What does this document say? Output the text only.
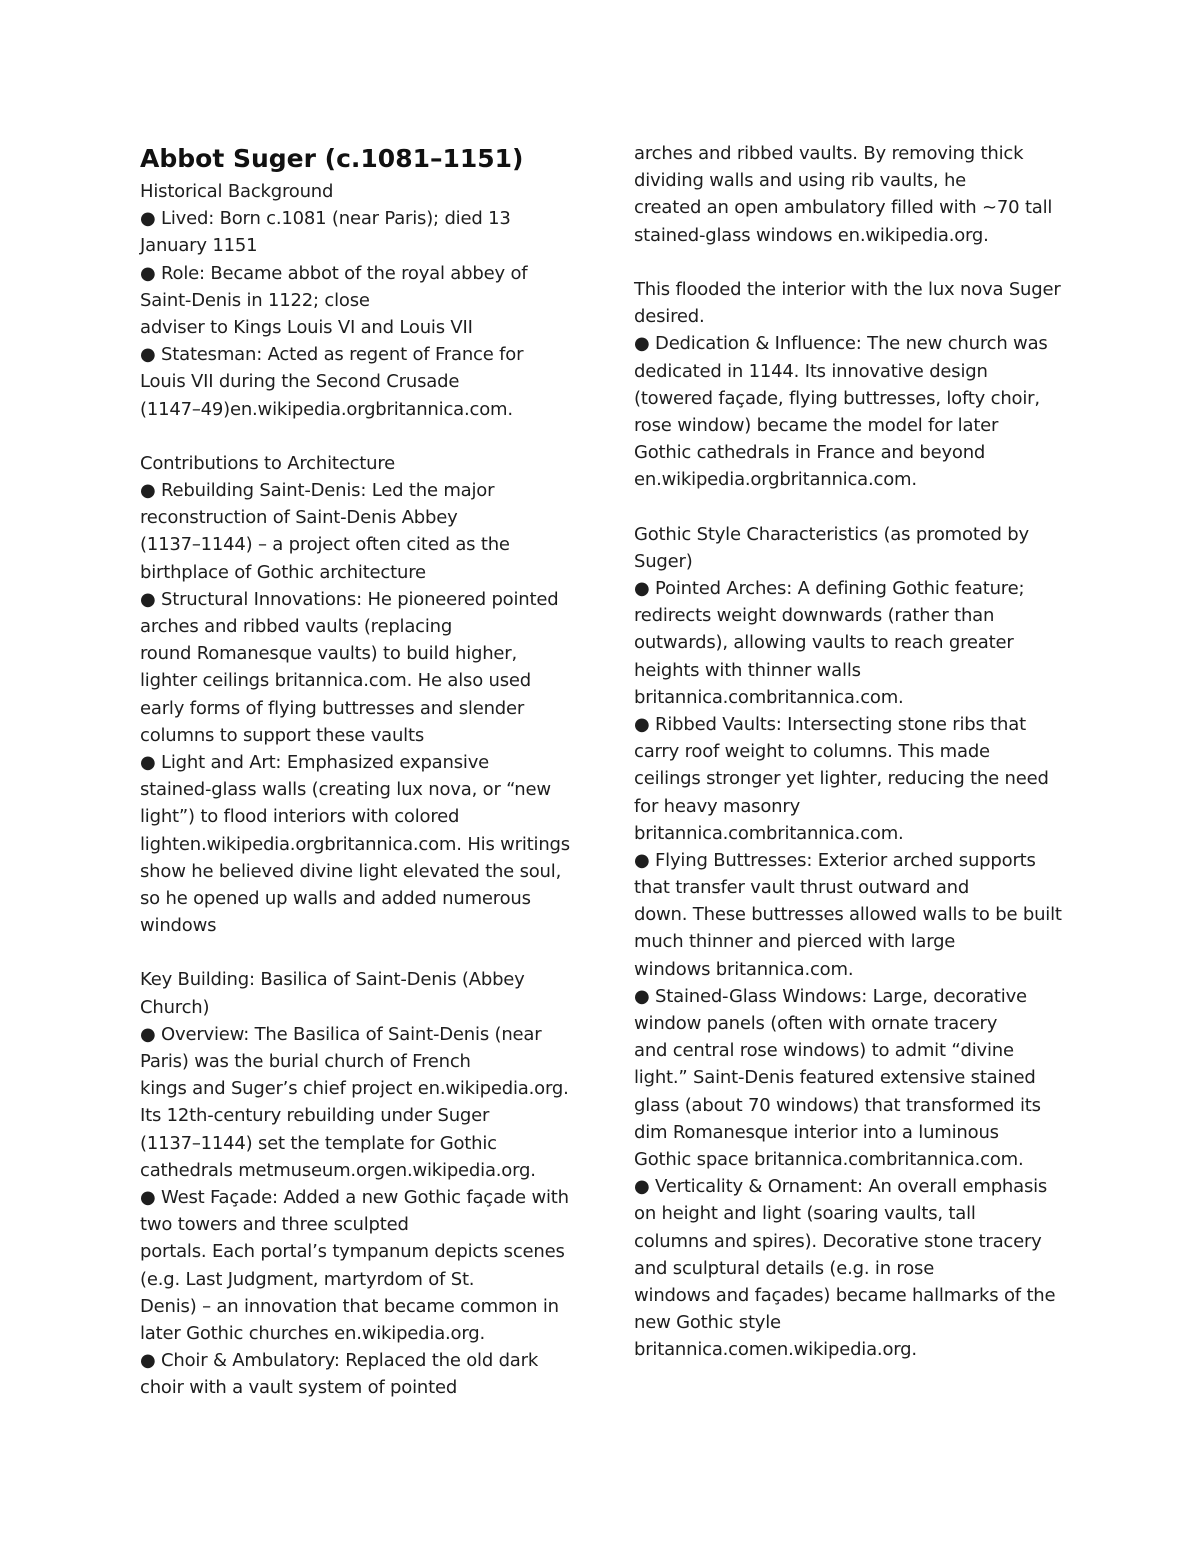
Abbot Suger (c.1081–1151)
Historical Background
● Lived: Born c.1081 (near Paris); died 13
January 1151
● Role: Became abbot of the royal abbey of
Saint-Denis in 1122; close
adviser to Kings Louis VI and Louis VII
● Statesman: Acted as regent of France for
Louis VII during the Second Crusade
(1147–49)en.wikipedia.orgbritannica.com.
Contributions to Architecture
● Rebuilding Saint-Denis: Led the major
reconstruction of Saint-Denis Abbey
(1137–1144) – a project often cited as the
birthplace of Gothic architecture
● Structural Innovations: He pioneered pointed
arches and ribbed vaults (replacing
round Romanesque vaults) to build higher,
lighter ceilings britannica.com. He also used
early forms of flying buttresses and slender
columns to support these vaults
● Light and Art: Emphasized expansive
stained-glass walls (creating lux nova, or “new
light”) to flood interiors with colored
lighten.wikipedia.orgbritannica.com. His writings
show he believed divine light elevated the soul,
so he opened up walls and added numerous
windows
Key Building: Basilica of Saint-Denis (Abbey
Church)
● Overview: The Basilica of Saint-Denis (near
Paris) was the burial church of French
kings and Suger’s chief project en.wikipedia.org.
Its 12th-century rebuilding under Suger
(1137–1144) set the template for Gothic
cathedrals metmuseum.orgen.wikipedia.org.
● West Façade: Added a new Gothic façade with
two towers and three sculpted
portals. Each portal’s tympanum depicts scenes
(e.g. Last Judgment, martyrdom of St.
Denis) – an innovation that became common in
later Gothic churches en.wikipedia.org.
● Choir & Ambulatory: Replaced the old dark
choir with a vault system of pointed
arches and ribbed vaults. By removing thick
dividing walls and using rib vaults, he
created an open ambulatory filled with ~70 tall
stained-glass windows en.wikipedia.org.
This flooded the interior with the lux nova Suger
desired.
● Dedication & Influence: The new church was
dedicated in 1144. Its innovative design
(towered façade, flying buttresses, lofty choir,
rose window) became the model for later
Gothic cathedrals in France and beyond
en.wikipedia.orgbritannica.com.
Gothic Style Characteristics (as promoted by
Suger)
● Pointed Arches: A defining Gothic feature;
redirects weight downwards (rather than
outwards), allowing vaults to reach greater
heights with thinner walls
britannica.combritannica.com.
● Ribbed Vaults: Intersecting stone ribs that
carry roof weight to columns. This made
ceilings stronger yet lighter, reducing the need
for heavy masonry
britannica.combritannica.com.
● Flying Buttresses: Exterior arched supports
that transfer vault thrust outward and
down. These buttresses allowed walls to be built
much thinner and pierced with large
windows britannica.com.
● Stained-Glass Windows: Large, decorative
window panels (often with ornate tracery
and central rose windows) to admit “divine
light.” Saint-Denis featured extensive stained
glass (about 70 windows) that transformed its
dim Romanesque interior into a luminous
Gothic space britannica.combritannica.com.
● Verticality & Ornament: An overall emphasis
on height and light (soaring vaults, tall
columns and spires). Decorative stone tracery
and sculptural details (e.g. in rose
windows and façades) became hallmarks of the
new Gothic style
britannica.comen.wikipedia.org.
